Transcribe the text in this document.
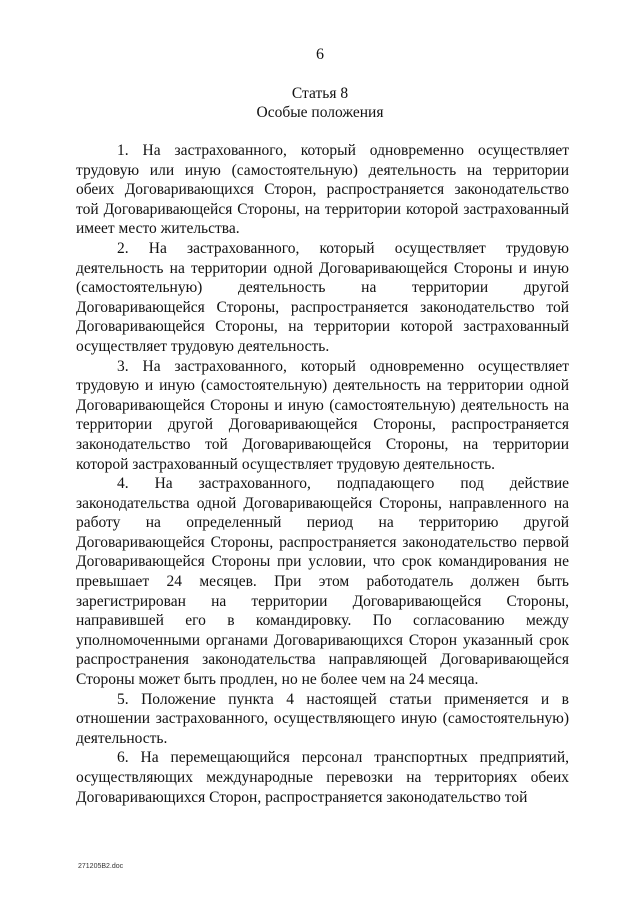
6
Статья 8
Особые положения

1. На застрахованного, который одновременно осуществляет трудовую или иную (самостоятельную) деятельность на территории обеих Договаривающихся Сторон, распространяется законодательство той Договаривающейся Стороны, на территории которой застрахованный имеет место жительства.

2. На застрахованного, который осуществляет трудовую деятельность на территории одной Договаривающейся Стороны и иную (самостоятельную) деятельность на территории другой Договаривающейся Стороны, распространяется законодательство той Договаривающейся Стороны, на территории которой застрахованный осуществляет трудовую деятельность.

3. На застрахованного, который одновременно осуществляет трудовую и иную (самостоятельную) деятельность на территории одной Договаривающейся Стороны и иную (самостоятельную) деятельность на территории другой Договаривающейся Стороны, распространяется законодательство той Договаривающейся Стороны, на территории которой застрахованный осуществляет трудовую деятельность.

4. На застрахованного, подпадающего под действие законодательства одной Договаривающейся Стороны, направленного на работу на определенный период на территорию другой Договаривающейся Стороны, распространяется законодательство первой Договаривающейся Стороны при условии, что срок командирования не превышает 24 месяцев. При этом работодатель должен быть зарегистрирован на территории Договаривающейся Стороны, направившей его в командировку. По согласованию между уполномоченными органами Договаривающихся Сторон указанный срок распространения законодательства направляющей Договаривающейся Стороны может быть продлен, но не более чем на 24 месяца.

5. Положение пункта 4 настоящей статьи применяется и в отношении застрахованного, осуществляющего иную (самостоятельную) деятельность.

6. На перемещающийся персонал транспортных предприятий, осуществляющих международные перевозки на территориях обеих Договаривающихся Сторон, распространяется законодательство той

271205В2.doc
